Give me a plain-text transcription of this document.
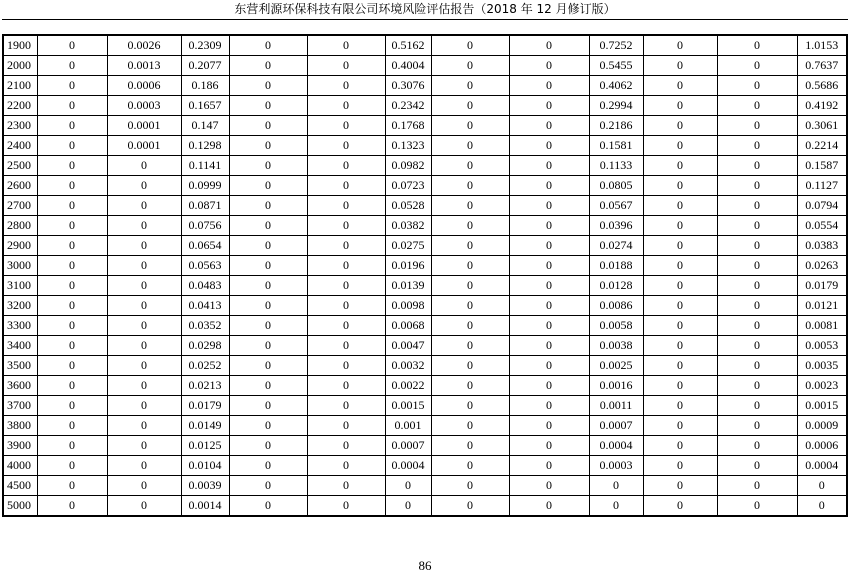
东营利源环保科技有限公司环境风险评估报告（2018 年 12 月修订版）
1900	0	0.0026	0.2309	0	0	0.5162	0	0	0.7252	0	0	1.0153
2000	0	0.0013	0.2077	0	0	0.4004	0	0	0.5455	0	0	0.7637
2100	0	0.0006	0.186	0	0	0.3076	0	0	0.4062	0	0	0.5686
2200	0	0.0003	0.1657	0	0	0.2342	0	0	0.2994	0	0	0.4192
2300	0	0.0001	0.147	0	0	0.1768	0	0	0.2186	0	0	0.3061
2400	0	0.0001	0.1298	0	0	0.1323	0	0	0.1581	0	0	0.2214
2500	0	0	0.1141	0	0	0.0982	0	0	0.1133	0	0	0.1587
2600	0	0	0.0999	0	0	0.0723	0	0	0.0805	0	0	0.1127
2700	0	0	0.0871	0	0	0.0528	0	0	0.0567	0	0	0.0794
2800	0	0	0.0756	0	0	0.0382	0	0	0.0396	0	0	0.0554
2900	0	0	0.0654	0	0	0.0275	0	0	0.0274	0	0	0.0383
3000	0	0	0.0563	0	0	0.0196	0	0	0.0188	0	0	0.0263
3100	0	0	0.0483	0	0	0.0139	0	0	0.0128	0	0	0.0179
3200	0	0	0.0413	0	0	0.0098	0	0	0.0086	0	0	0.0121
3300	0	0	0.0352	0	0	0.0068	0	0	0.0058	0	0	0.0081
3400	0	0	0.0298	0	0	0.0047	0	0	0.0038	0	0	0.0053
3500	0	0	0.0252	0	0	0.0032	0	0	0.0025	0	0	0.0035
3600	0	0	0.0213	0	0	0.0022	0	0	0.0016	0	0	0.0023
3700	0	0	0.0179	0	0	0.0015	0	0	0.0011	0	0	0.0015
3800	0	0	0.0149	0	0	0.001	0	0	0.0007	0	0	0.0009
3900	0	0	0.0125	0	0	0.0007	0	0	0.0004	0	0	0.0006
4000	0	0	0.0104	0	0	0.0004	0	0	0.0003	0	0	0.0004
4500	0	0	0.0039	0	0	0	0	0	0	0	0	0
5000	0	0	0.0014	0	0	0	0	0	0	0	0	0
86
